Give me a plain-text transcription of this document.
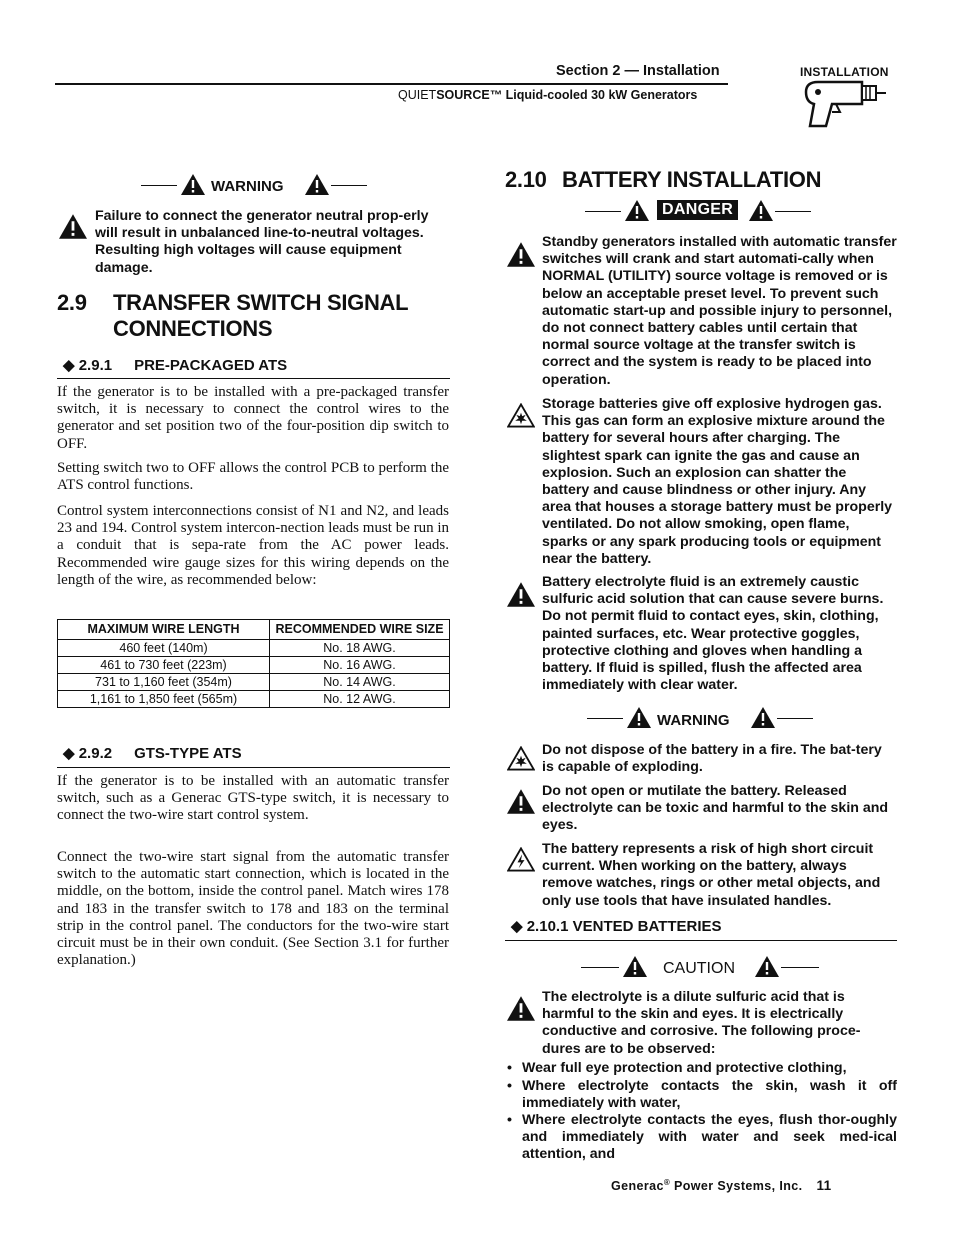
Section 2 — Installation
QUIETSOURCE™ Liquid-cooled 30 kW Generators
INSTALLATION
WARNING
Failure to connect the generator neutral prop-erly will result in unbalanced line-to-neutral voltages. Resulting high voltages will cause equipment damage.
2.9 TRANSFER SWITCH SIGNAL
CONNECTIONS
◆ 2.9.1 PRE-PACKAGED ATS

If the generator is to be installed with a pre-packaged transfer switch, it is necessary to connect the control wires to the generator and set position two of the four-position dip switch to OFF.

Setting switch two to OFF allows the control PCB to perform the ATS control functions.

Control system interconnections consist of N1 and N2, and leads 23 and 194. Control system intercon-nection leads must be run in a conduit that is sepa-rate from the AC power leads. Recommended wire gauge sizes for this wiring depends on the length of the wire, as recommended below:

MAXIMUM WIRE LENGTH	RECOMMENDED WIRE SIZE
460 feet (140m)	No. 18 AWG.
461 to 730 feet (223m)	No. 16 AWG.
731 to 1,160 feet (354m)	No. 14 AWG.
1,161 to 1,850 feet (565m)	No. 12 AWG.
◆ 2.9.2 GTS-TYPE ATS

If the generator is to be installed with an automatic transfer switch, such as a Generac GTS-type switch, it is necessary to connect the two-wire start control system.

Connect the two-wire start signal from the automatic transfer switch to the automatic start connection, which is located in the middle, on the bottom, inside the control panel. Match wires 178 and 183 in the transfer switch to 178 and 183 on the terminal strip in the control panel. The conductors for the two-wire start circuit must be in their own conduit. (See Section 3.1 for further explanation.)

2.10 BATTERY INSTALLATION
DANGER
Standby generators installed with automatic transfer switches will crank and start automati-cally when NORMAL (UTILITY) source voltage is removed or is below an acceptable preset level. To prevent such automatic start-up and possible injury to personnel, do not connect battery cables until certain that normal source voltage at the transfer switch is correct and the system is ready to be placed into operation.
Storage batteries give off explosive hydrogen gas. This gas can form an explosive mixture around the battery for several hours after charging. The slightest spark can ignite the gas and cause an explosion. Such an explosion can shatter the battery and cause blindness or other injury. Any area that houses a storage battery must be properly ventilated. Do not allow smoking, open flame, sparks or any spark producing tools or equipment near the battery.
Battery electrolyte fluid is an extremely caustic sulfuric acid solution that can cause severe burns. Do not permit fluid to contact eyes, skin, clothing, painted surfaces, etc. Wear protective goggles, protective clothing and gloves when handling a battery. If fluid is spilled, flush the affected area immediately with clear water.
WARNING
Do not dispose of the battery in a fire. The bat-tery is capable of exploding.
Do not open or mutilate the battery. Released electrolyte can be toxic and harmful to the skin and eyes.
The battery represents a risk of high short circuit current. When working on the battery, always remove watches, rings or other metal objects, and only use tools that have insulated handles.
◆ 2.10.1 VENTED BATTERIES
CAUTION
The electrolyte is a dilute sulfuric acid that is harmful to the skin and eyes. It is electrically conductive and corrosive. The following proce-dures are to be observed:
• Wear full eye protection and protective clothing,
• Where electrolyte contacts the skin, wash it off immediately with water,
• Where electrolyte contacts the eyes, flush thor-oughly and immediately with water and seek med-ical attention, and
Generac® Power Systems, Inc. 11
